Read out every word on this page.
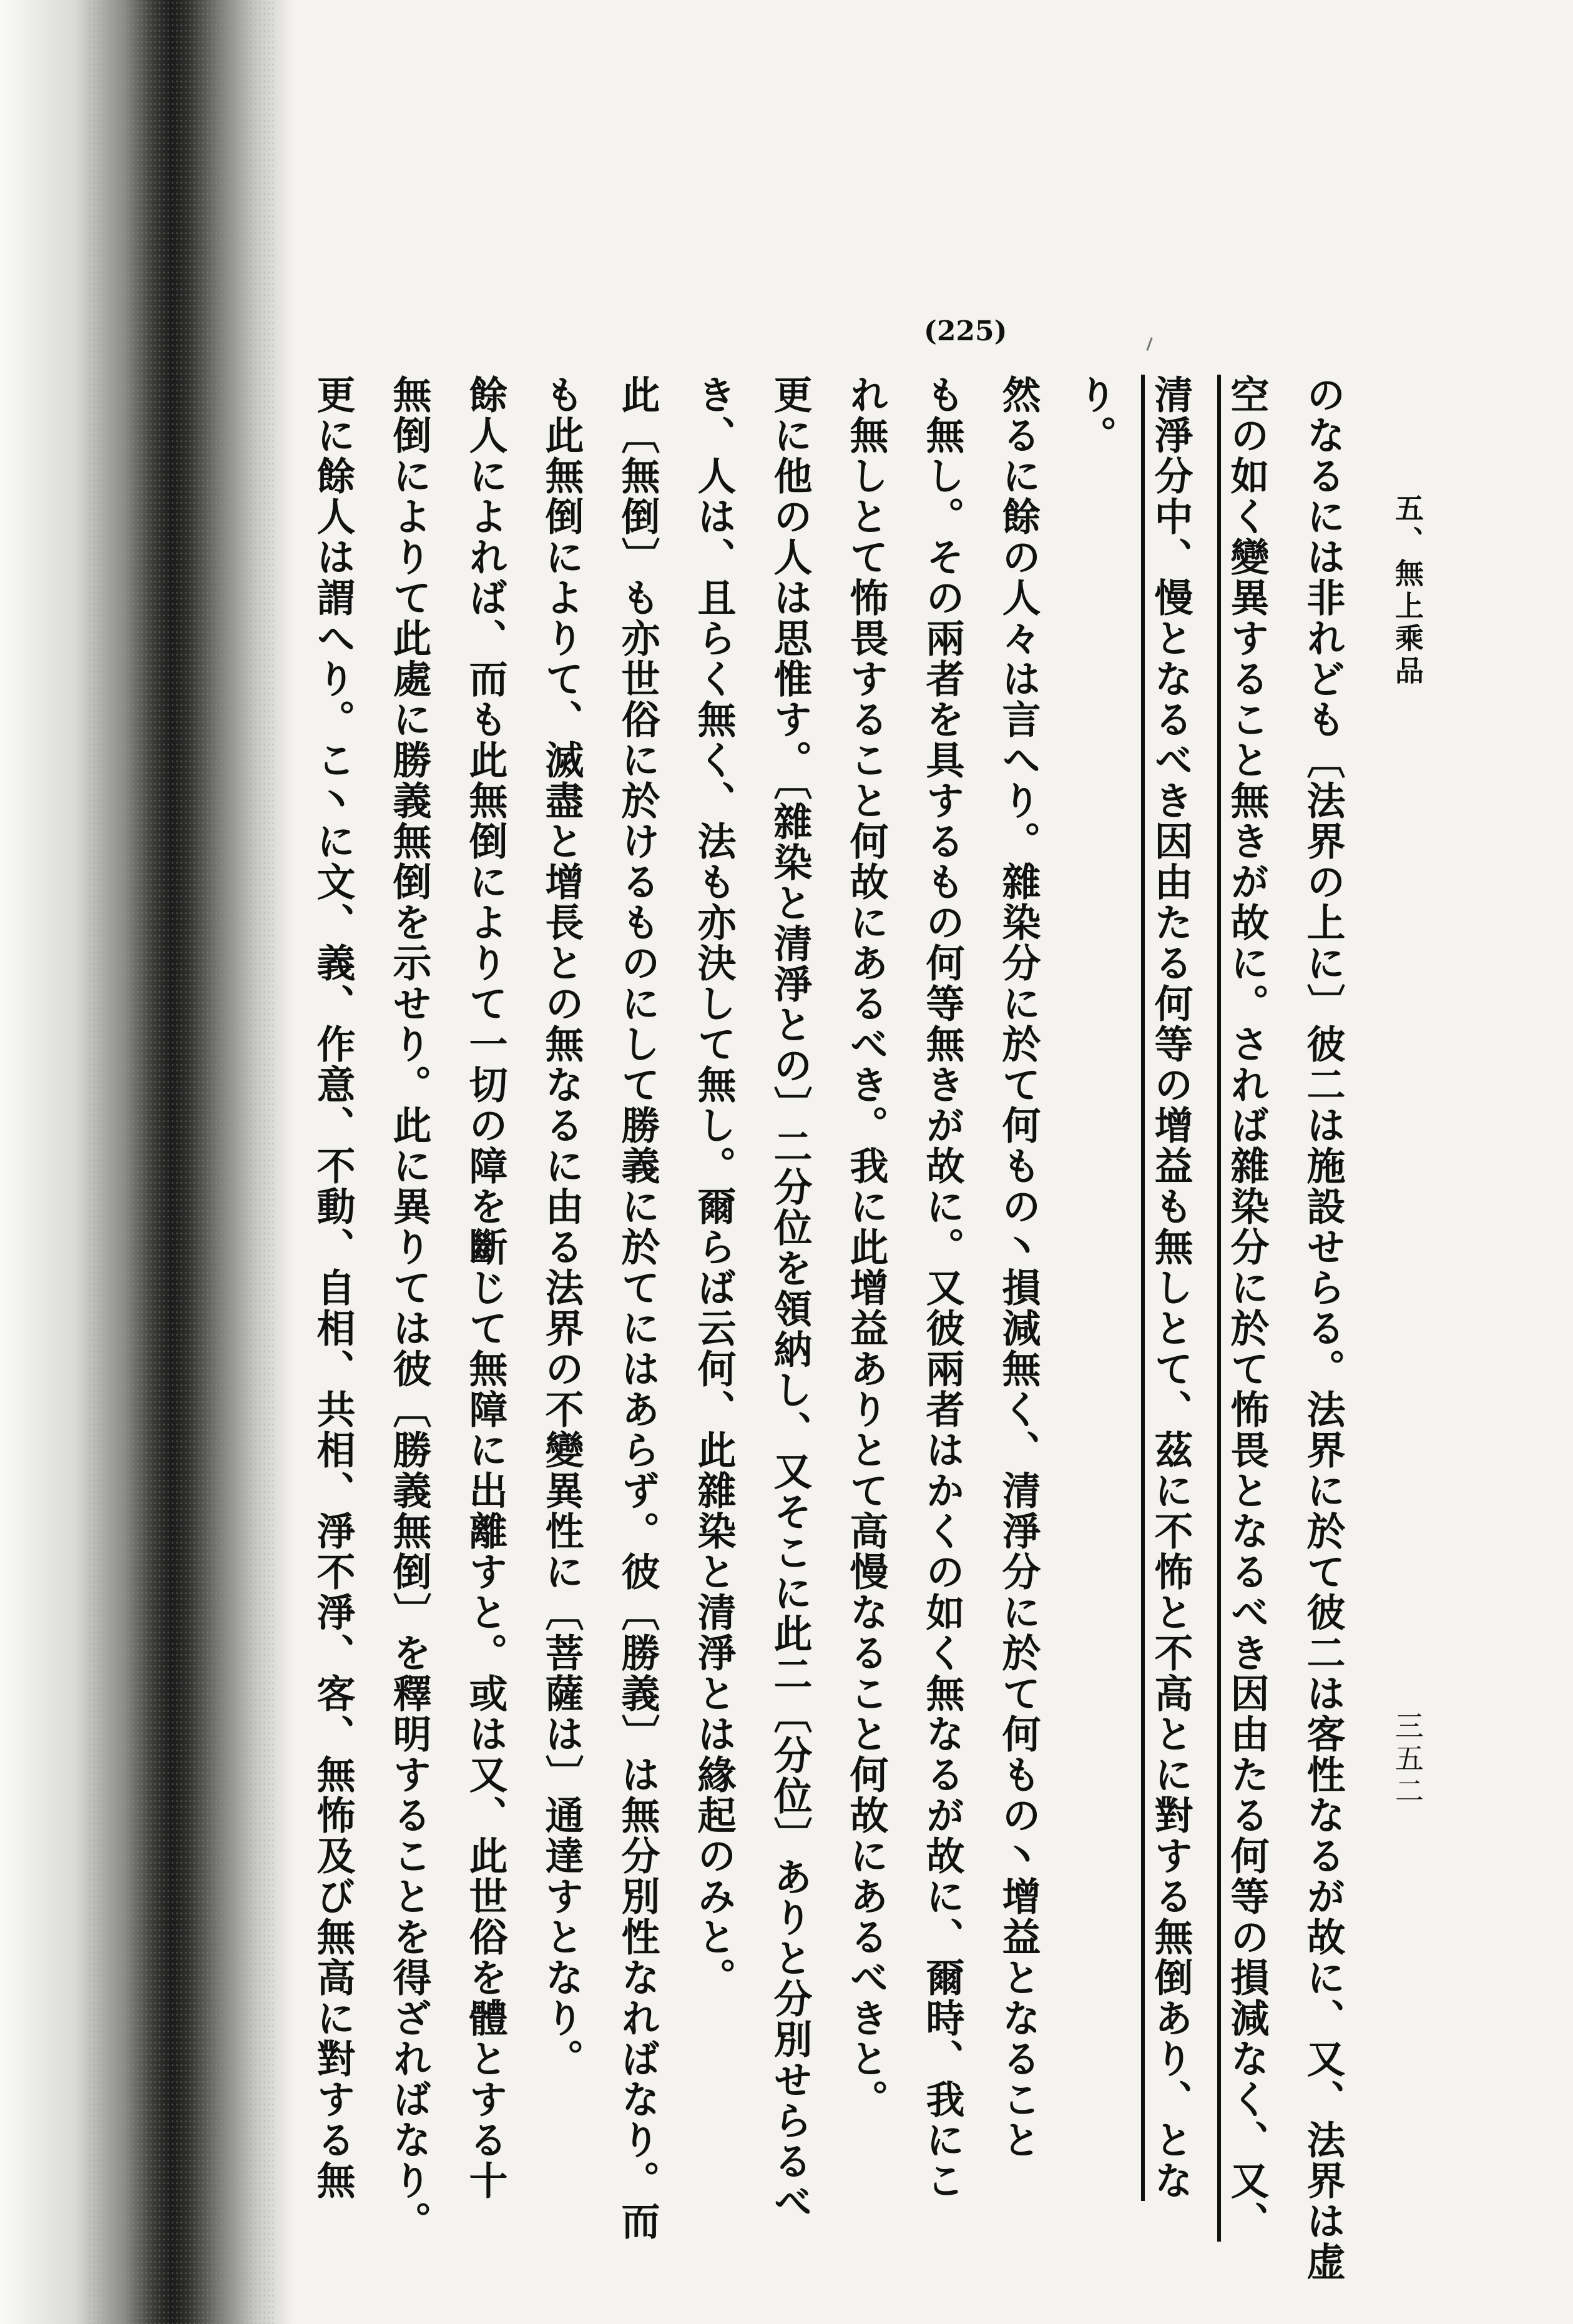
五、無上乘品
三五二
(225)
のなるには非れども〔法界の上に〕彼二は施設せらる。法界に於て彼二は客性なるが故に、又、法界は虚
空の如く變異すること無きが故に。されば雜染分に於て怖畏となるべき因由たる何等の損減なく、又、
清淨分中、慢となるべき因由たる何等の增益も無しとて、茲に不怖と不高とに對する無倒あり、とな
り。
然るに餘の人々は言へり。雜染分に於て何もの丶損減無く、清淨分に於て何もの丶增益となること
も無し。その兩者を具するもの何等無きが故に。又彼兩者はかくの如く無なるが故に、爾時、我にこ
れ無しとて怖畏すること何故にあるべき。我に此增益ありとて高慢なること何故にあるべきと。
更に他の人は思惟す。〔雜染と清淨との〕二分位を領納し、又そこに此二〔分位〕ありと分別せらるべ
き、人は、且らく無く、法も亦決して無し。爾らば云何、此雜染と清淨とは緣起のみと。
此〔無倒〕も亦世俗に於けるものにして勝義に於てにはあらず。彼〔勝義〕は無分別性なればなり。而
も此無倒によりて、滅盡と增長との無なるに由る法界の不變異性に〔菩薩は〕通達すとなり。
餘人によれば、而も此無倒によりて一切の障を斷じて無障に出離すと。或は又、此世俗を體とする十
無倒によりて此處に勝義無倒を示せり。此に異りては彼〔勝義無倒〕を釋明することを得ざればなり。
更に餘人は謂へり。こ丶に文、義、作意、不動、自相、共相、淨不淨、客、無怖及び無高に對する無
